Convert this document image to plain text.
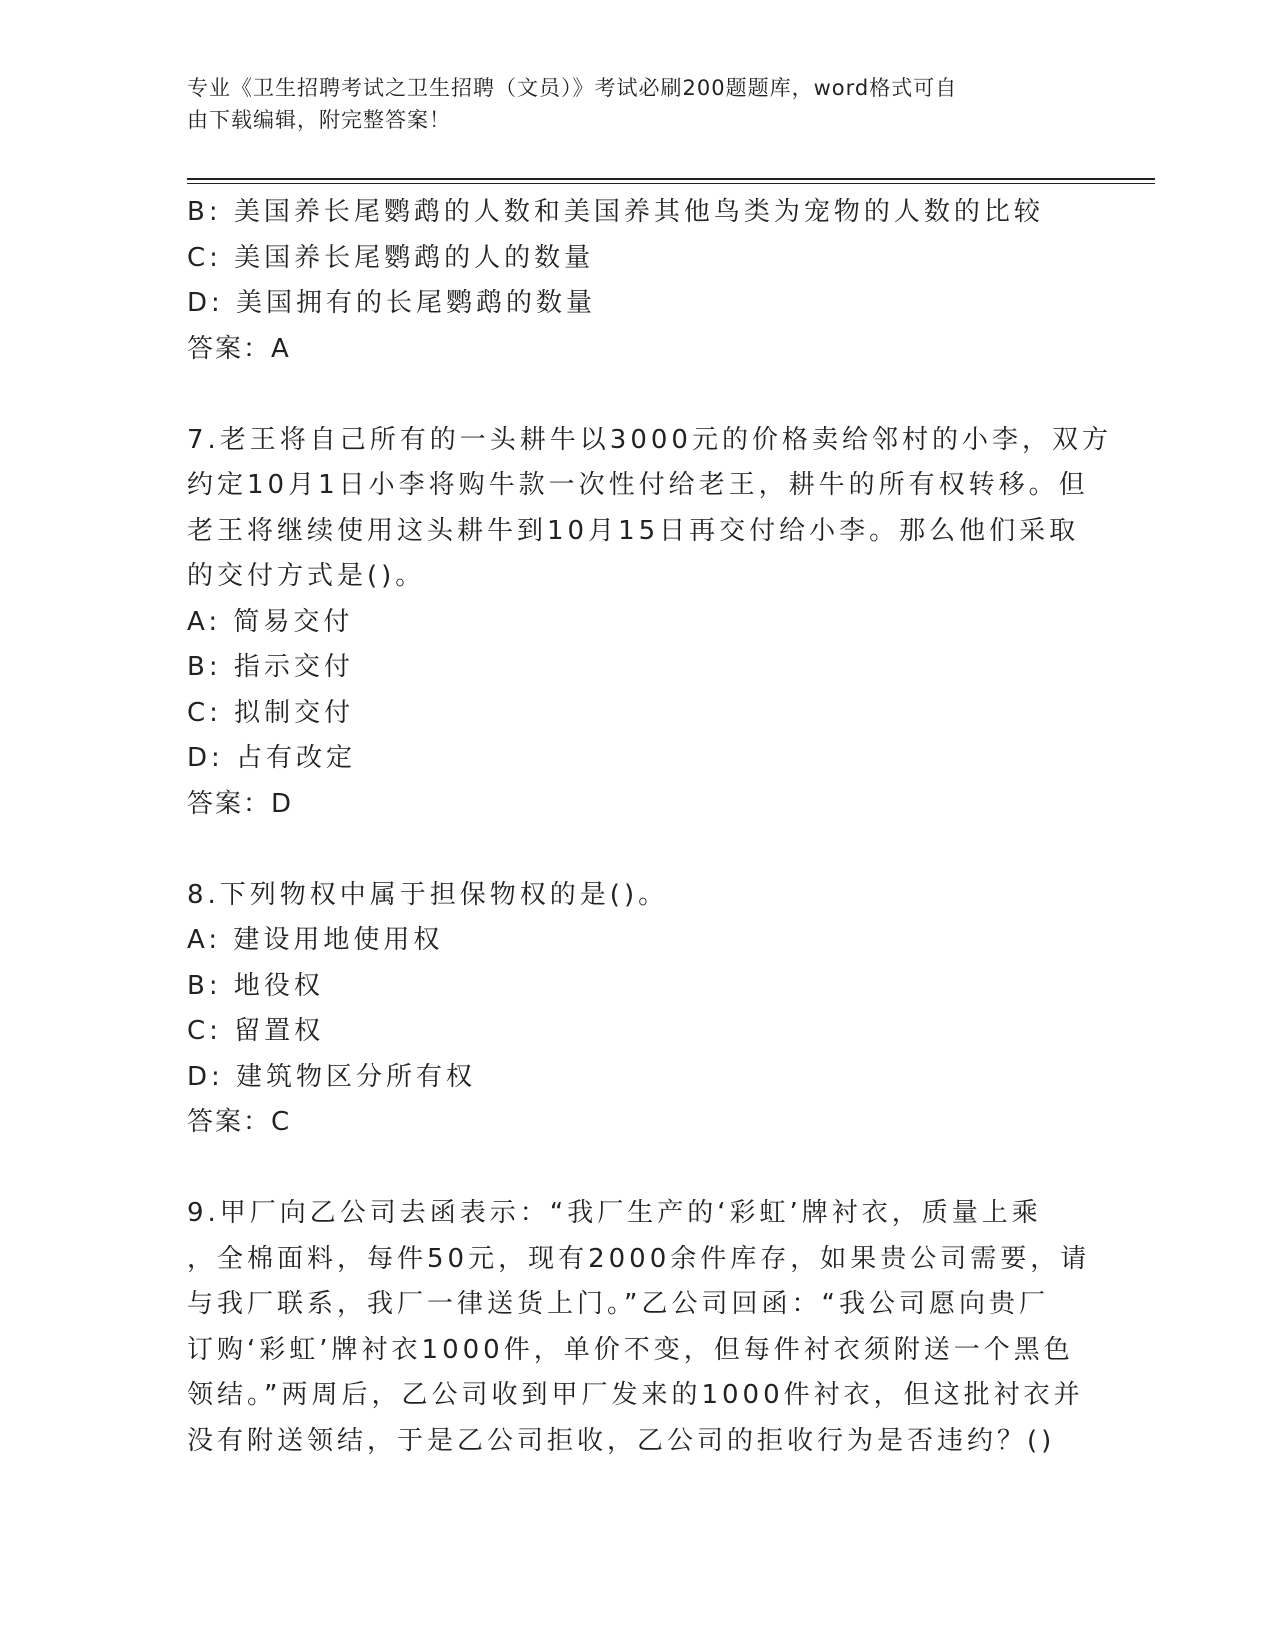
专业《卫生招聘考试之卫生招聘（文员）》考试必刷200题题库，word格式可自
由下载编辑，附完整答案！
B: 美国养长尾鹦鹉的人数和美国养其他鸟类为宠物的人数的比较
C: 美国养长尾鹦鹉的人的数量
D: 美国拥有的长尾鹦鹉的数量
答案：A
7.老王将自己所有的一头耕牛以3000元的价格卖给邻村的小李，双方
约定10月1日小李将购牛款一次性付给老王，耕牛的所有权转移。但
老王将继续使用这头耕牛到10月15日再交付给小李。那么他们采取
的交付方式是()。
A: 简易交付
B: 指示交付
C: 拟制交付
D: 占有改定
答案：D
8.下列物权中属于担保物权的是()。
A: 建设用地使用权
B: 地役权
C: 留置权
D: 建筑物区分所有权
答案：C
9.甲厂向乙公司去函表示：“我厂生产的‘彩虹’牌衬衣，质量上乘
，全棉面料，每件50元，现有2000余件库存，如果贵公司需要，请
与我厂联系，我厂一律送货上门。”乙公司回函：“我公司愿向贵厂
订购‘彩虹’牌衬衣1000件，单价不变，但每件衬衣须附送一个黑色
领结。”两周后，乙公司收到甲厂发来的1000件衬衣，但这批衬衣并
没有附送领结，于是乙公司拒收，乙公司的拒收行为是否违约？()
